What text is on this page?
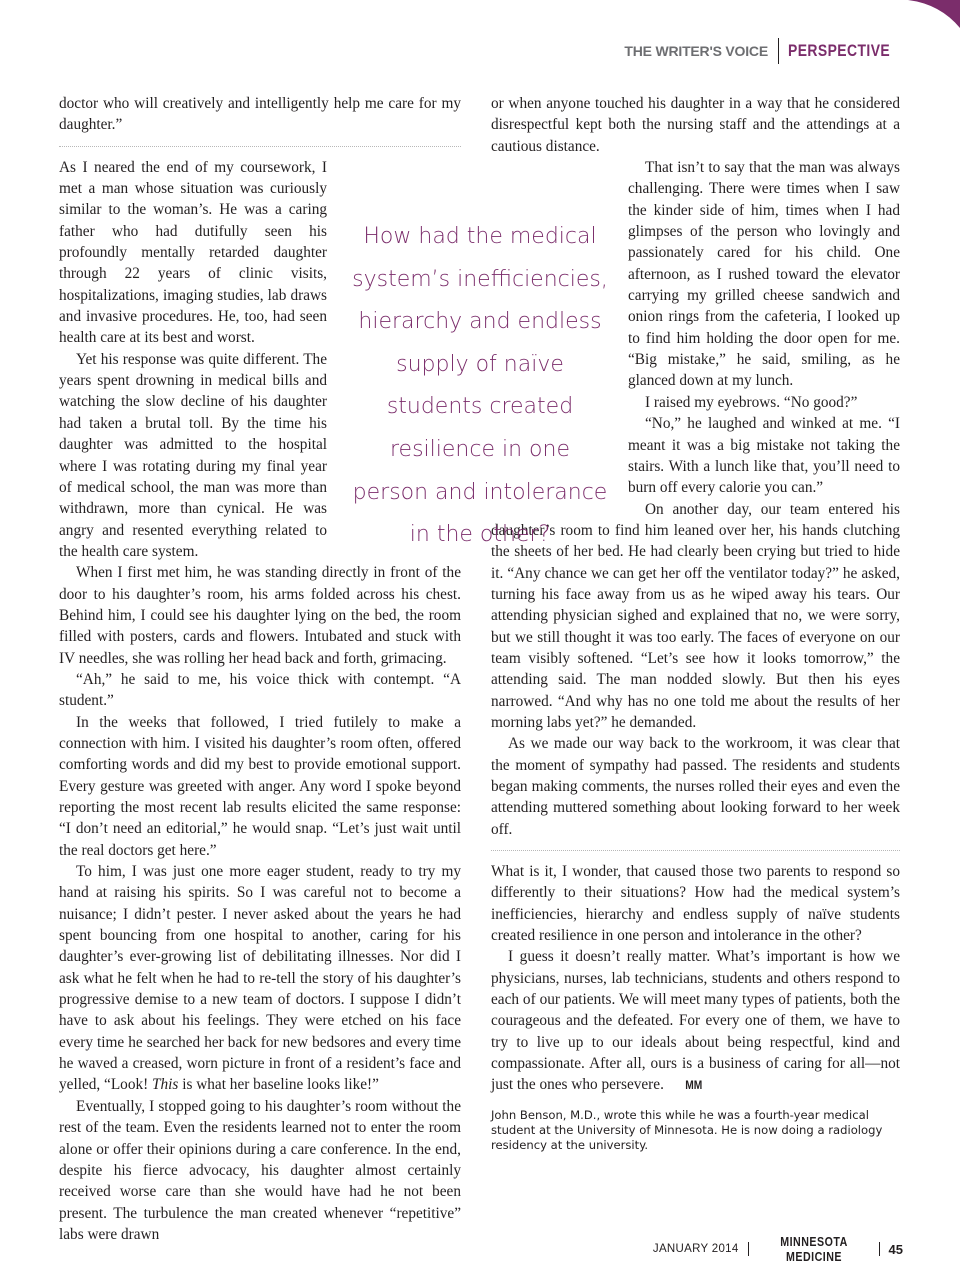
THE WRITER'S VOICE PERSPECTIVE

doctor who will creatively and intelligently help me care for my daughter.”

As I neared the end of my coursework, I met a man whose situation was curiously similar to the woman’s. He was a caring father who had dutifully seen his profoundly mentally retarded daughter through 22 years of clinic visits, hospitalizations, imaging studies, lab draws and invasive procedures. He, too, had seen health care at its best and worst.

Yet his response was quite different. The years spent drowning in medical bills and watching the slow decline of his daughter had taken a brutal toll. By the time his daughter was admitted to the hospital where I was rotating during my final year of medical school, the man was more than withdrawn, more than cynical. He was angry and resented everything related to the health care system.

When I first met him, he was standing directly in front of the door to his daughter’s room, his arms folded across his chest. Behind him, I could see his daughter lying on the bed, the room filled with posters, cards and flowers. Intubated and stuck with IV needles, she was rolling her head back and forth, grimacing.

“Ah,” he said to me, his voice thick with contempt. “A student.”

In the weeks that followed, I tried futilely to make a connection with him. I visited his daughter’s room often, offered comforting words and did my best to provide emotional support. Every gesture was greeted with anger. Any word I spoke beyond reporting the most recent lab results elicited the same response: “I don’t need an editorial,” he would snap. “Let’s just wait until the real doctors get here.”

To him, I was just one more eager student, ready to try my hand at raising his spirits. So I was careful not to become a nuisance; I didn’t pester. I never asked about the years he had spent bouncing from one hospital to another, caring for his daughter’s ever-growing list of debilitating illnesses. Nor did I ask what he felt when he had to re-tell the story of his daughter’s progressive demise to a new team of doctors. I suppose I didn’t have to ask about his feelings. They were etched on his face every time he searched her back for new bedsores and every time he waved a creased, worn picture in front of a resident’s face and yelled, “Look! This is what her baseline looks like!”

Eventually, I stopped going to his daughter’s room without the rest of the team. Even the residents learned not to enter the room alone or offer their opinions during a care conference. In the end, despite his fierce advocacy, his daughter almost certainly received worse care than she would have had he not been present. The turbulence the man created whenever “repetitive” labs were drawn

or when anyone touched his daughter in a way that he considered disrespectful kept both the nursing staff and the attendings at a cautious distance.

That isn’t to say that the man was always challenging. There were times when I saw the kinder side of him, times when I had glimpses of the person who lovingly and passionately cared for his child. One afternoon, as I rushed toward the elevator carrying my grilled cheese sandwich and onion rings from the cafeteria, I looked up to find him holding the door open for me. “Big mistake,” he said, smiling, as he glanced down at my lunch.

I raised my eyebrows. “No good?”

“No,” he laughed and winked at me. “I meant it was a big mistake not taking the stairs. With a lunch like that, you’ll need to burn off every calorie you can.”

On another day, our team entered his daughter’s room to find him leaned over her, his hands clutching the sheets of her bed. He had clearly been crying but tried to hide it. “Any chance we can get her off the ventilator today?” he asked, turning his face away from us as he wiped away his tears. Our attending physician sighed and explained that no, we were sorry, but we still thought it was too early. The faces of everyone on our team visibly softened. “Let’s see how it looks tomorrow,” the attending said. The man nodded slowly. But then his eyes narrowed. “And why has no one told me about the results of her morning labs yet?” he demanded.

As we made our way back to the workroom, it was clear that the moment of sympathy had passed. The residents and students began making comments, the nurses rolled their eyes and even the attending muttered something about looking forward to her week off.

What is it, I wonder, that caused those two parents to respond so differently to their situations? How had the medical system’s inefficiencies, hierarchy and endless supply of naïve students created resilience in one person and intolerance in the other?

I guess it doesn’t really matter. What’s important is how we physicians, nurses, lab technicians, students and others respond to each of our patients. We will meet many types of patients, both the courageous and the defeated. For every one of them, we have to try to live up to our ideals about being respectful, kind and compassionate. After all, ours is a business of caring for all—not just the ones who persevere. MM

How had the medical system’s inefficiencies, hierarchy and endless supply of naïve students created resilience in one person and intolerance in the other?
John Benson, M.D., wrote this while he was a fourth-year medical student at the University of Minnesota. He is now doing a radiology residency at the university.
JANUARY 2014	MINNESOTA MEDICINE	45
